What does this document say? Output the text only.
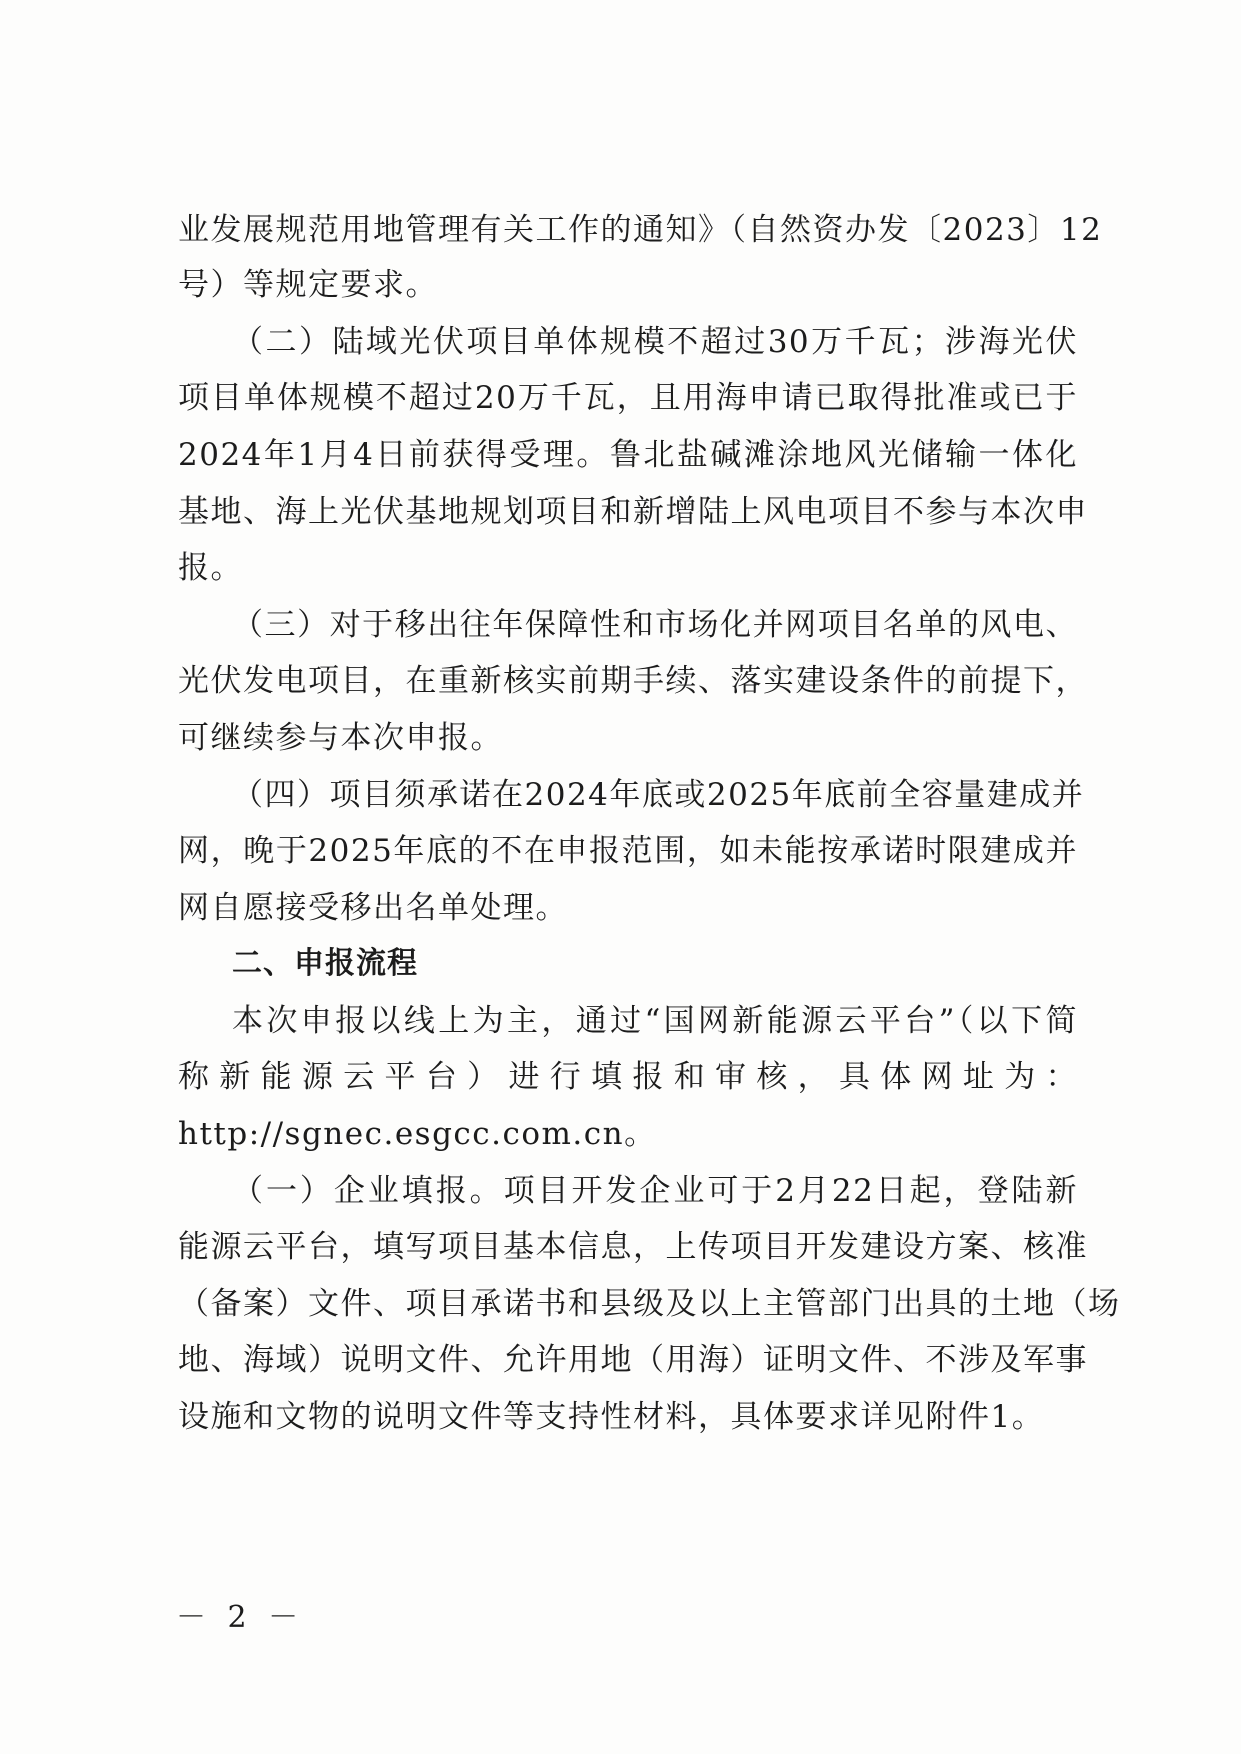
业发展规范用地管理有关工作的通知》（自然资办发〔2023〕12
号）等规定要求。
（二）陆域光伏项目单体规模不超过30万千瓦；涉海光伏
项目单体规模不超过20万千瓦，且用海申请已取得批准或已于
2024年1月4日前获得受理。鲁北盐碱滩涂地风光储输一体化
基地、海上光伏基地规划项目和新增陆上风电项目不参与本次申
报。
（三）对于移出往年保障性和市场化并网项目名单的风电、
光伏发电项目，在重新核实前期手续、落实建设条件的前提下，
可继续参与本次申报。
（四）项目须承诺在2024年底或2025年底前全容量建成并
网，晚于2025年底的不在申报范围，如未能按承诺时限建成并
网自愿接受移出名单处理。
二、申报流程
本次申报以线上为主，通过“国网新能源云平台”（以下简
称新能源云平台）进行填报和审核，具体网址为：
http://sgnec.esgcc.com.cn。
（一）企业填报。项目开发企业可于2月22日起，登陆新
能源云平台，填写项目基本信息，上传项目开发建设方案、核准
（备案）文件、项目承诺书和县级及以上主管部门出具的土地（场
地、海域）说明文件、允许用地（用海）证明文件、不涉及军事
设施和文物的说明文件等支持性材料，具体要求详见附件1。
－ 2 －
